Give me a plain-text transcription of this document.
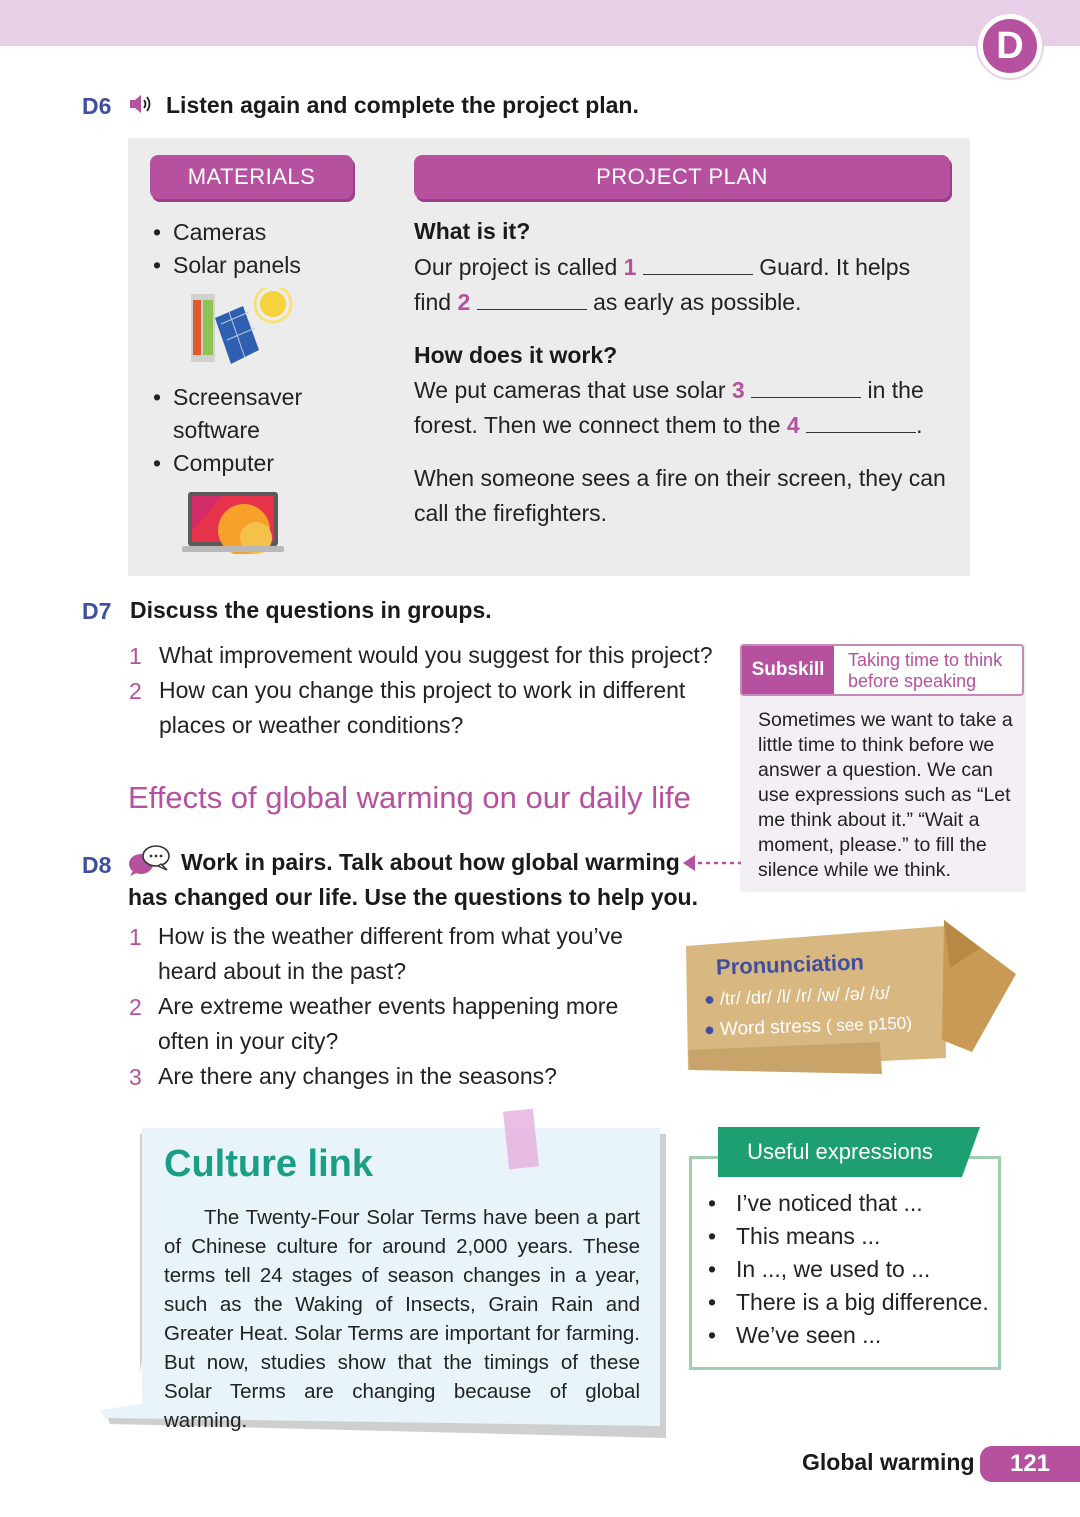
D
D6 Listen again and complete the project plan.
MATERIALS	PROJECT PLAN
• Cameras
• Solar panels
• Screensaver
software
• Computer
What is it?
Our project is called 1	Guard. It helps
find 2	as early as possible.
How does it work?
We put cameras that use solar 3	in the
forest. Then we connect them to the 4	.
When someone sees a fire on their screen, they can
call the firefighters.
D7 Discuss the questions in groups.
1 What improvement would you suggest for this project?
2 How can you change this project to work in different
places or weather conditions?
Effects of global warming on our daily life
D8	Work in pairs. Talk about how global warming
has changed our life. Use the questions to help you.
1 How is the weather different from what you’ve
heard about in the past?
2 Are extreme weather events happening more
often in your city?
3 Are there any changes in the seasons?
Subskill	Taking time to think
before speaking
Sometimes we want to take a little time to think before we answer a question. We can use expressions such as “Let me think about it.” “Wait a moment, please.” to fill the silence while we think.
Pronunciation
● /tr/ /dr/ /l/ /r/ /w/ /ə/ /ʊ/
● Word stress ( see p150)
Culture link
The Twenty-Four Solar Terms have been a part of Chinese culture for around 2,000 years. These terms tell 24 stages of season changes in a year, such as the Waking of Insects, Grain Rain and Greater Heat. Solar Terms are important for farming. But now, studies show that the timings of these Solar Terms are changing because of global warming.
Useful expressions
• I’ve noticed that ...
• This means ...
• In ..., we used to ...
• There is a big difference.
• We’ve seen ...
Global warming	121
